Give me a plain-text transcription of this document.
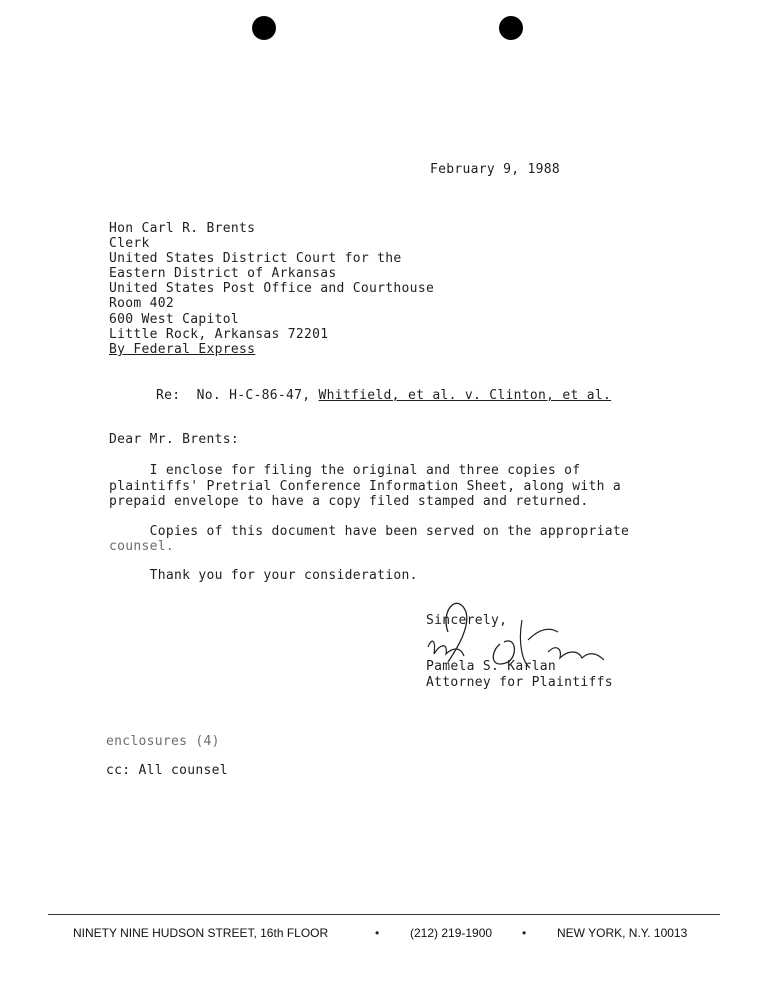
February 9, 1988
Hon Carl R. Brents
Clerk
United States District Court for the
Eastern District of Arkansas
United States Post Office and Courthouse
Room 402
600 West Capitol
Little Rock, Arkansas 72201
By Federal Express
Re:  No. H-C-86-47, Whitfield, et al. v. Clinton, et al.
Dear Mr. Brents:
I enclose for filing the original and three copies of
plaintiffs' Pretrial Conference Information Sheet, along with a
prepaid envelope to have a copy filed stamped and returned.
Copies of this document have been served on the appropriate
counsel.
Thank you for your consideration.
Sincerely,
Pamela S. Karlan
Attorney for Plaintiffs
enclosures (4)
cc: All counsel
NINETY NINE HUDSON STREET, 16th FLOOR	•	(212) 219-1900 •	NEW YORK, N.Y. 10013
